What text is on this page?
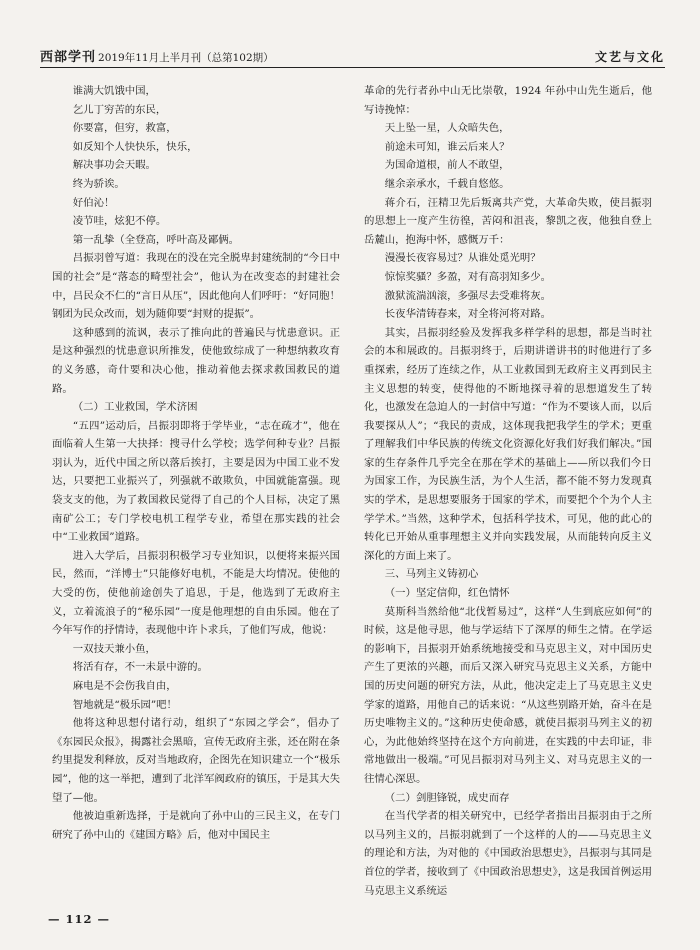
西部学刊 2019年11月上半月刊（总第102期）	文艺与文化

谁满大饥饿中国，

乞儿丁穷苦的东民，

你要富，但穷，救富，

如反知个人快快乐，快乐，

解决事功会天暇。

终为骄诶。

好伯沁！

凌节哇，炫犯不停。

第一乱挚（全登高，呼叶高及鄙俩。

吕振羽曾写道：我现在的没在完全脱卑封建统制的“今日中国的社会”是“落态的畸型社会”，他认为在改变态的封建社会中，吕民众不仁的“言日从压”，因此他向人们呼吁：“好同胞！钢团为民众改而，划为随仰要“封财的提振”。

这种感到的流讽，表示了推向此的普遍民与忧患意识。正是这种强烈的忧患意识所推发，使他致综成了一种想纳救攻育的义务感，奇什要和决心他，推动着他去探求救国救民的道路。

（二）工业救国，学术济困

“五四”运动后，吕振羽即将于学毕业，“志在疏才”，他在面临着人生第一大抉择：搜寻什么学校；选学何种专业？吕振羽认为，近代中国之所以落后挨打，主要是因为中国工业不发达，只要把工业振兴了，列强就不敢欺负，中国就能富强。现袋支支的他，为了救国救民觉得了自己的个人目标，决定了黑南矿公工；专门学校电机工程学专业，希望在那实践的社会中“工业救国”道路。

进入大学后，吕振羽积极学习专业知识，以便将来振兴国民，然而，“洋博士”只能修好电机，不能是大均情况。使他的大受的伤，使他前途创失了追思，于是，他选到了无政府主义，立着流浪子的“秘乐园”一度是他理想的自由乐园。他在了今年写作的抒情诗，表现他中许卜求兵，了他们写成，他说：

一双技天兼小鱼，

将活有存，不一未景中游的。

麻电是不会伤我自由，

智地就是“极乐园”吧！

他将这种思想付诸行动，组织了“东园之学会”，倡办了《东园民众报》，揭露社会黑暗，宣传无政府主张，还在附在条约里提发利释放，反对当地政府，企图先在知识建立一个“极乐园”，他的这一举把，遭到了北洋军阀政府的镇压，于是其大失望了—他。

他被迫重新选择，于是就向了孙中山的三民主义，在专门研究了孙中山的《建国方略》后，他对中国民主

革命的先行者孙中山无比崇敬，1924 年孙中山先生逝后，他写诗挽悼：

天上坠一星，人众暗失色，

前途未可知，谁云后来人？

为国命道根，前人不敢望，

继余亲承水，千载自悠悠。

蒋介石，汪精卫先后叛离共产党，大革命失败，使吕振羽的思想上一度产生彷徨，苦闷和沮丧，黎凯之夜，他独自登上岳麓山，抱海中怀，感慨万千：

漫漫长夜容易过？从谁处觅光明？

惊惊奖骚？多盈，对有高羽知多少。

激狱流湍汹滚，多强尽去受难将灰。

长夜华清铸春来，对全将河将对路。

其实，吕振羽经验及发挥我多样学科的思想，都是当时社会的本和展政的。吕振羽终于，后期讲谱讲书的时他进行了多重探索，经历了连续之作，从工业救国到无政府主义再到民主主义思想的转变，使得他的不断地探寻着的思想道发生了转化，也激发在急迫人的一封信中写道：“作为不要该人而，以后我要探从人”；“我民的责成，这体现我把我学生的学术；更重了理解我们中华民族的传统文化资源化好我们好我们解决。”国家的生存条件几乎完全在那在学术的基础上——所以我们今日为国家工作，为民族生活，为个人生活，都不能不努力发现真实的学术，是思想要服务于国家的学术，而要把个个为个人主学学术。”当然，这种学术，包括科学技术，可见，他的此心的转化已开始从重事理想主义并向实践发展，从而能转向反主义深化的方面上来了。

三、马列主义铸初心

（一）坚定信仰，红色情怀

莫斯科当然给他“北伐暂易过”，这样“人生到底应如何”的时候，这是他寻思，他与学运结下了深厚的师生之情。在学运的影响下，吕振羽开始系统地接受和马克思主义，对中国历史产生了更浓的兴趣，而后又深入研究马克思主义关系，方能中国的历史问题的研究方法，从此，他决定走上了马克思主义史学家的道路，用他自己的话来说：“从这些别路开始，奋斗在是历史唯物主义的。”这种历史使命感，就使吕振羽马列主义的初心，为此他始终坚持在这个方向前进，在实践的中去印证，非常地做出一极端。”可见吕振羽对马列主义、对马克思主义的一往情心深思。

（二）剑胆锋锐，成史而存

在当代学者的相关研究中，已经学者指出吕振羽由于之所以马列主义的，吕振羽就到了一个这样的人的——马克思主义的理论和方法，为对他的《中国政治思想史》，吕振羽与其同是首位的学者，接收到了《中国政治思想史》，这是我国首例运用马克思主义系统运

— 112 —
